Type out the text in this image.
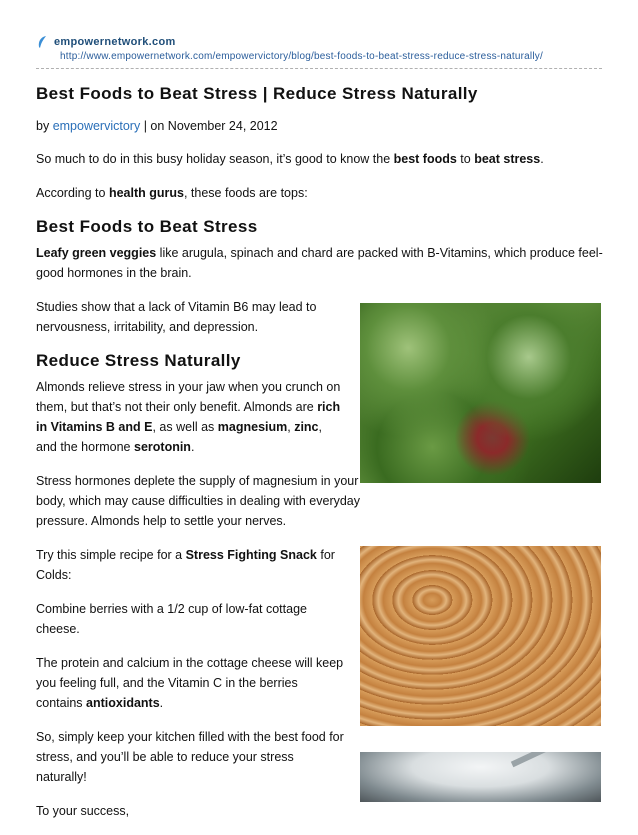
empowernetwork.com
http://www.empowernetwork.com/empowervictory/blog/best-foods-to-beat-stress-reduce-stress-naturally/
Best Foods to Beat Stress | Reduce Stress Naturally

by empowervictory | on November 24, 2012

So much to do in this busy holiday season, it’s good to know the best foods to beat stress.

According to health gurus, these foods are tops:

Best Foods to Beat Stress

Leafy green veggies like arugula, spinach and chard are packed with B-Vitamins, which produce feel-good hormones in the brain.

Studies show that a lack of Vitamin B6 may lead to nervousness, irritability, and depression.

Reduce Stress Naturally

Almonds relieve stress in your jaw when you crunch on them, but that’s not their only benefit. Almonds are rich in Vitamins B and E, as well as magnesium, zinc, and the hormone serotonin.

Stress hormones deplete the supply of magnesium in your body, which may cause difficulties in dealing with everyday pressure. Almonds help to settle your nerves.

Try this simple recipe for a Stress Fighting Snack for Colds:

Combine berries with a 1/2 cup of low-fat cottage cheese.

The protein and calcium in the cottage cheese will keep you feeling full, and the Vitamin C in the berries contains antioxidants.

So, simply keep your kitchen filled with the best food for stress, and you’ll be able to reduce your stress naturally!

To your success,
